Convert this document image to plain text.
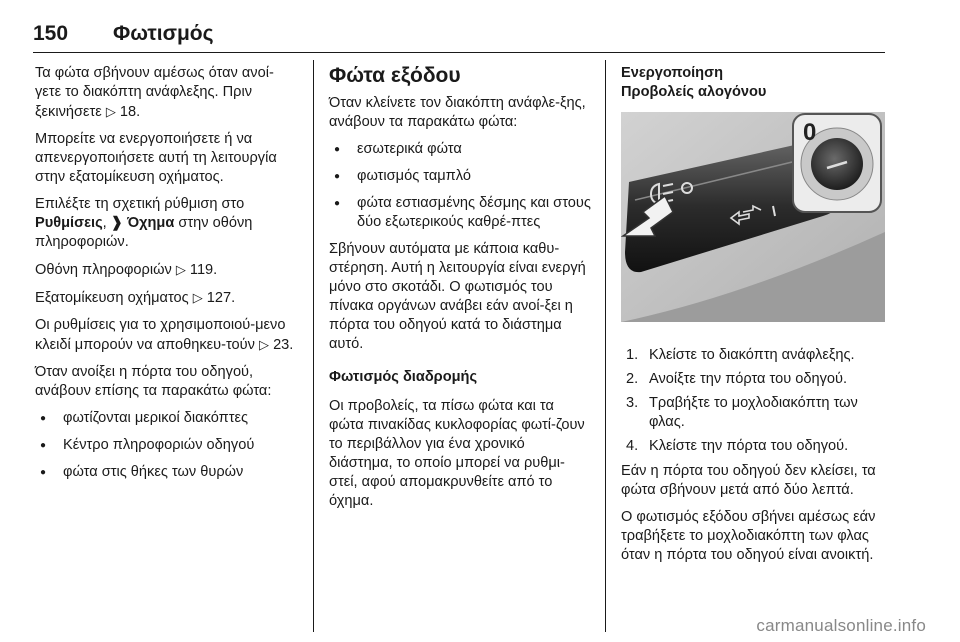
150 Φωτισμός

Τα φώτα σβήνουν αμέσως όταν ανοί-γετε το διακόπτη ανάφλεξης. Πριν ξεκινήσετε ▷ 18.

Μπορείτε να ενεργοποιήσετε ή να απενεργοποιήσετε αυτή τη λειτουργία στην εξατομίκευση οχήματος.

Επιλέξτε τη σχετική ρύθμιση στο Ρυθμίσεις, ❱ Όχημα στην οθόνη πληροφοριών.

Οθόνη πληροφοριών ▷ 119.

Εξατομίκευση οχήματος ▷ 127.

Οι ρυθμίσεις για το χρησιμοποιού-μενο κλειδί μπορούν να αποθηκευ-τούν ▷ 23.

Όταν ανοίξει η πόρτα του οδηγού, ανάβουν επίσης τα παρακάτω φώτα:

● φωτίζονται μερικοί διακόπτες
● Κέντρο πληροφοριών οδηγού
● φώτα στις θήκες των θυρών
Φώτα εξόδου

Όταν κλείνετε τον διακόπτη ανάφλε-ξης, ανάβουν τα παρακάτω φώτα:

● εσωτερικά φώτα
● φωτισμός ταμπλό
● φώτα εστιασμένης δέσμης και στους δύο εξωτερικούς καθρέ-πτες

Σβήνουν αυτόματα με κάποια καθυ-στέρηση. Αυτή η λειτουργία είναι ενεργή μόνο στο σκοτάδι. Ο φωτισμός του πίνακα οργάνων ανάβει εάν ανοί-ξει η πόρτα του οδηγού κατά το διάστημα αυτό.

Φωτισμός διαδρομής

Οι προβολείς, τα πίσω φώτα και τα φώτα πινακίδας κυκλοφορίας φωτί-ζουν το περιβάλλον για ένα χρονικό διάστημα, το οποίο μπορεί να ρυθμι-στεί, αφού απομακρυνθείτε από το όχημα.

Ενεργοποίηση
Προβολείς αλογόνου
0
1. Κλείστε το διακόπτη ανάφλεξης.
2. Ανοίξτε την πόρτα του οδηγού.
3. Τραβήξτε το μοχλοδιακόπτη των φλας.
4. Κλείστε την πόρτα του οδηγού.

Εάν η πόρτα του οδηγού δεν κλείσει, τα φώτα σβήνουν μετά από δύο λεπτά.

Ο φωτισμός εξόδου σβήνει αμέσως εάν τραβήξετε το μοχλοδιακόπτη των φλας όταν η πόρτα του οδηγού είναι ανοικτή.

carmanualsonline.info
